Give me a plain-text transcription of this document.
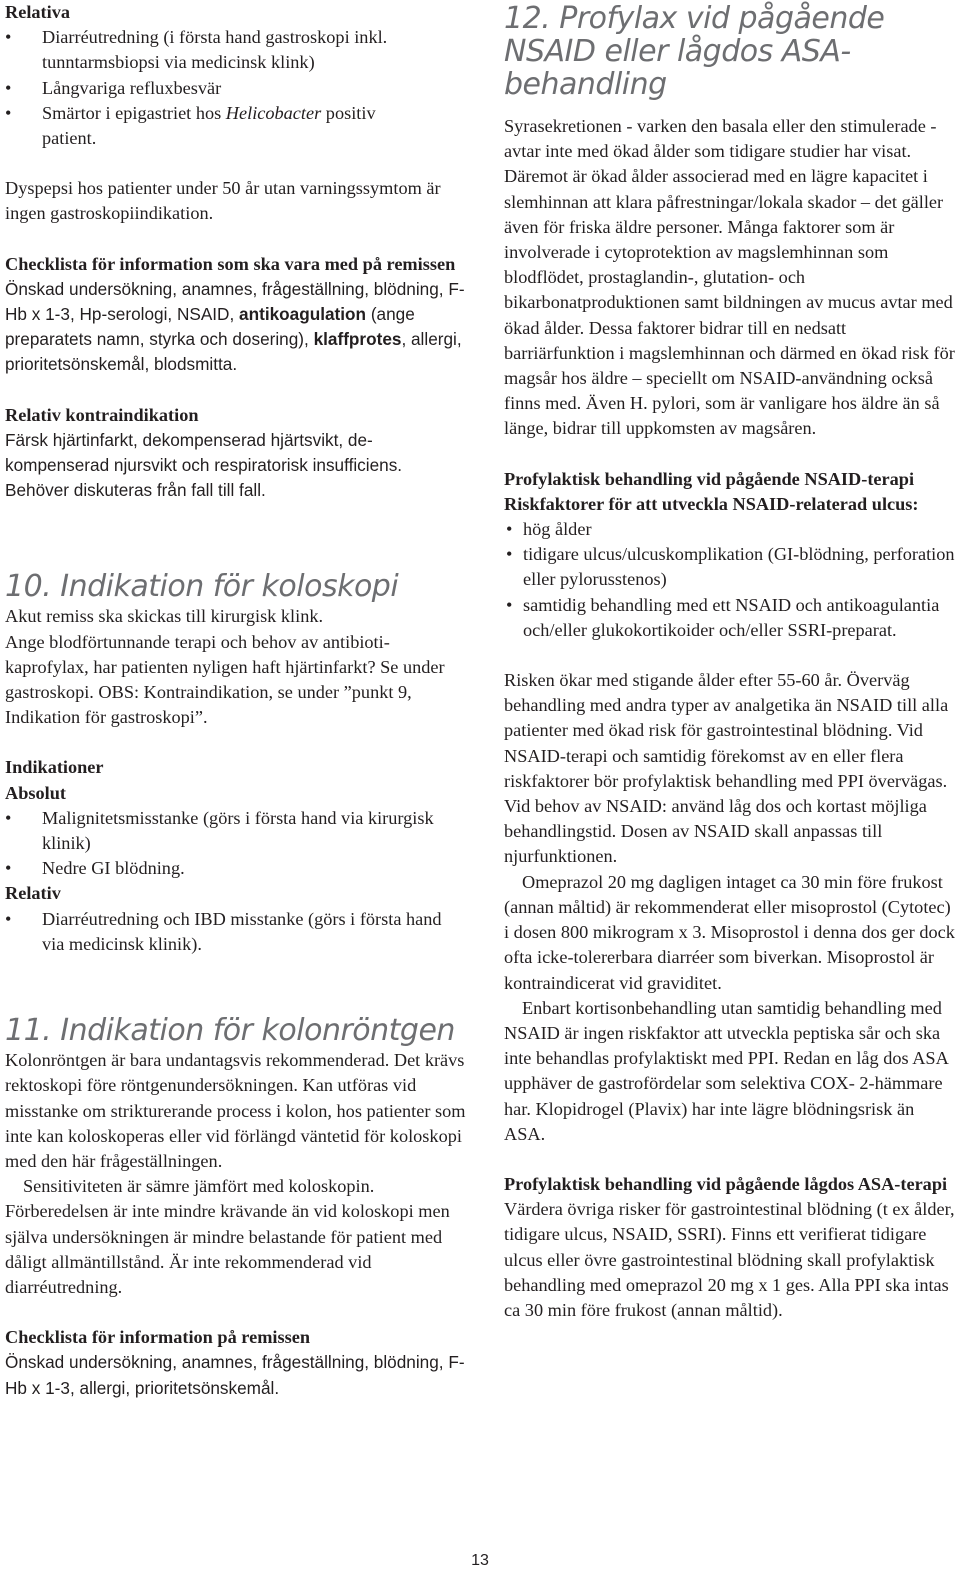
Relativa

• Diarréutredning (i första hand gastroskopi inkl. tunntarmsbiopsi via medicinsk klink)
• Långvariga refluxbesvär
• Smärtor i epigastriet hos Helicobacter positiv
patient.

Dyspepsi hos patienter under 50 år utan varningssymtom är ingen gastroskopiindikation.

Checklista för information som ska vara med på remissen

Önskad undersökning, anamnes, frågeställning, blödning, F-Hb x 1-3, Hp-serologi, NSAID, antikoagulation (ange preparatets namn, styrka och dosering), klaffprotes, allergi, prioritetsönskemål, blodsmitta.

Relativ kontraindikation

Färsk hjärtinfarkt, dekompenserad hjärtsvikt, dekompenserad njursvikt och respiratorisk insufficiens. Behöver diskuteras från fall till fall.

10. Indikation för koloskopi

Akut remiss ska skickas till kirurgisk klink.

Ange blodförtunnande terapi och behov av antibiotikaprofylax, har patienten nyligen haft hjärtinfarkt? Se under gastroskopi. OBS: Kontraindikation, se under ”punkt 9, Indikation för gastroskopi”.

Indikationer

Absolut

• Malignitetsmisstanke (görs i första hand via kirurgisk klinik)
• Nedre GI blödning.

Relativ

• Diarréutredning och IBD misstanke (görs i första hand via medicinsk klinik).
11. Indikation för kolonröntgen

Kolonröntgen är bara undantagsvis rekommenderad. Det krävs rektoskopi före röntgenundersökningen. Kan utföras vid misstanke om strikturerande process i kolon, hos patienter som inte kan koloskoperas eller vid förlängd väntetid för koloskopi med den här frågeställningen.

Sensitiviteten är sämre jämfört med koloskopin. Förberedelsen är inte mindre krävande än vid koloskopi men själva undersökningen är mindre belastande för patient med dåligt allmäntillstånd. Är inte rekommenderad vid diarréutredning.

Checklista för information på remissen

Önskad undersökning, anamnes, frågeställning, blödning, F-Hb x 1-3, allergi, prioritetsönskemål.

12. Profylax vid pågående NSAID eller lågdos ASA-behandling

Syrasekretionen - varken den basala eller den stimulerade - avtar inte med ökad ålder som tidigare studier har visat. Däremot är ökad ålder associerad med en lägre kapacitet i slemhinnan att klara påfrestningar/lokala skador – det gäller även för friska äldre personer. Många faktorer som är involverade i cytoprotektion av magslemhinnan som blodflödet, prostaglandin-, glutation- och bikarbonatproduktionen samt bildningen av mucus avtar med ökad ålder. Dessa faktorer bidrar till en nedsatt barriärfunktion i magslemhinnan och därmed en ökad risk för magsår hos äldre – speciellt om NSAID-användning också finns med. Även H. pylori, som är vanligare hos äldre än så länge, bidrar till uppkomsten av magsåren.

Profylaktisk behandling vid pågående NSAID-terapi

Riskfaktorer för att utveckla NSAID-relaterad ulcus:

• hög ålder
• tidigare ulcus/ulcuskomplikation (GI-blödning, perforation eller pylorusstenos)
• samtidig behandling med ett NSAID och antikoagulantia och/eller glukokortikoider och/eller SSRI-preparat.

Risken ökar med stigande ålder efter 55-60 år. Överväg behandling med andra typer av analgetika än NSAID till alla patienter med ökad risk för gastrointestinal blödning. Vid NSAID-terapi och samtidig förekomst av en eller flera riskfaktorer bör profylaktisk behandling med PPI övervägas.

Vid behov av NSAID: använd låg dos och kortast möjliga behandlingstid. Dosen av NSAID skall anpassas till njurfunktionen.

Omeprazol 20 mg dagligen intaget ca 30 min före frukost (annan måltid) är rekommenderat eller misoprostol (Cytotec) i dosen 800 mikrogram x 3. Misoprostol i denna dos ger dock ofta icke-tolererbara diarréer som biverkan. Misoprostol är kontraindicerat vid graviditet.

Enbart kortisonbehandling utan samtidig behandling med NSAID är ingen riskfaktor att utveckla peptiska sår och ska inte behandlas profylaktiskt med PPI. Redan en låg dos ASA upphäver de gastrofördelar som selektiva COX- 2-hämmare har. Klopidrogel (Plavix) har inte lägre blödningsrisk än ASA.

Profylaktisk behandling vid pågående lågdos ASA-terapi

Värdera övriga risker för gastrointestinal blödning (t ex ålder, tidigare ulcus, NSAID, SSRI). Finns ett verifierat tidigare ulcus eller övre gastrointestinal blödning skall profylaktisk behandling med omeprazol 20 mg x 1 ges. Alla PPI ska intas ca 30 min före frukost (annan måltid).

13
